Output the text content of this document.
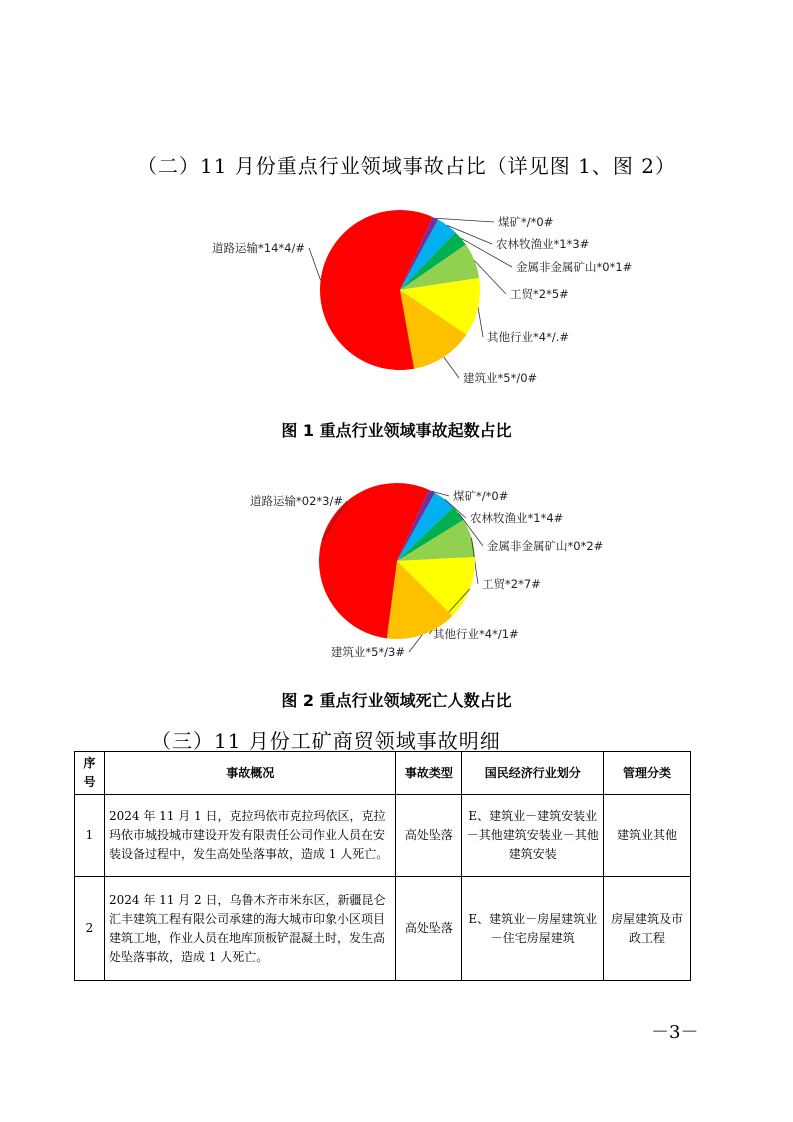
（二）11 月份重点行业领域事故占比（详见图 1、图 2）
煤矿*/*0#
农林牧渔业*1*3#
金属非金属矿山*0*1#
工贸*2*5#
其他行业*4*/.#
建筑业*5*/0#
道路运输*14*4/#
图 1 重点行业领域事故起数占比
煤矿*/*0#
农林牧渔业*1*4#
金属非金属矿山*0*2#
工贸*2*7#
其他行业*4*/1#
建筑业*5*/3#
道路运输*02*3/#
图 2 重点行业领域死亡人数占比
（三）11 月份工矿商贸领域事故明细
序号	事故概况	事故类型	国民经济行业划分	管理分类
1	2024 年 11 月 1 日，克拉玛依市克拉玛依区，克拉玛依市城投城市建设开发有限责任公司作业人员在安装设备过程中，发生高处坠落事故，造成 1 人死亡。	高处坠落	E、建筑业－建筑安装业－其他建筑安装业－其他建筑安装	建筑业其他
2	2024 年 11 月 2 日，乌鲁木齐市米东区，新疆昆仑汇丰建筑工程有限公司承建的海大城市印象小区项目建筑工地，作业人员在地库顶板铲混凝土时，发生高处坠落事故，造成 1 人死亡。	高处坠落	E、建筑业－房屋建筑业－住宅房屋建筑	房屋建筑及市政工程
－3－
